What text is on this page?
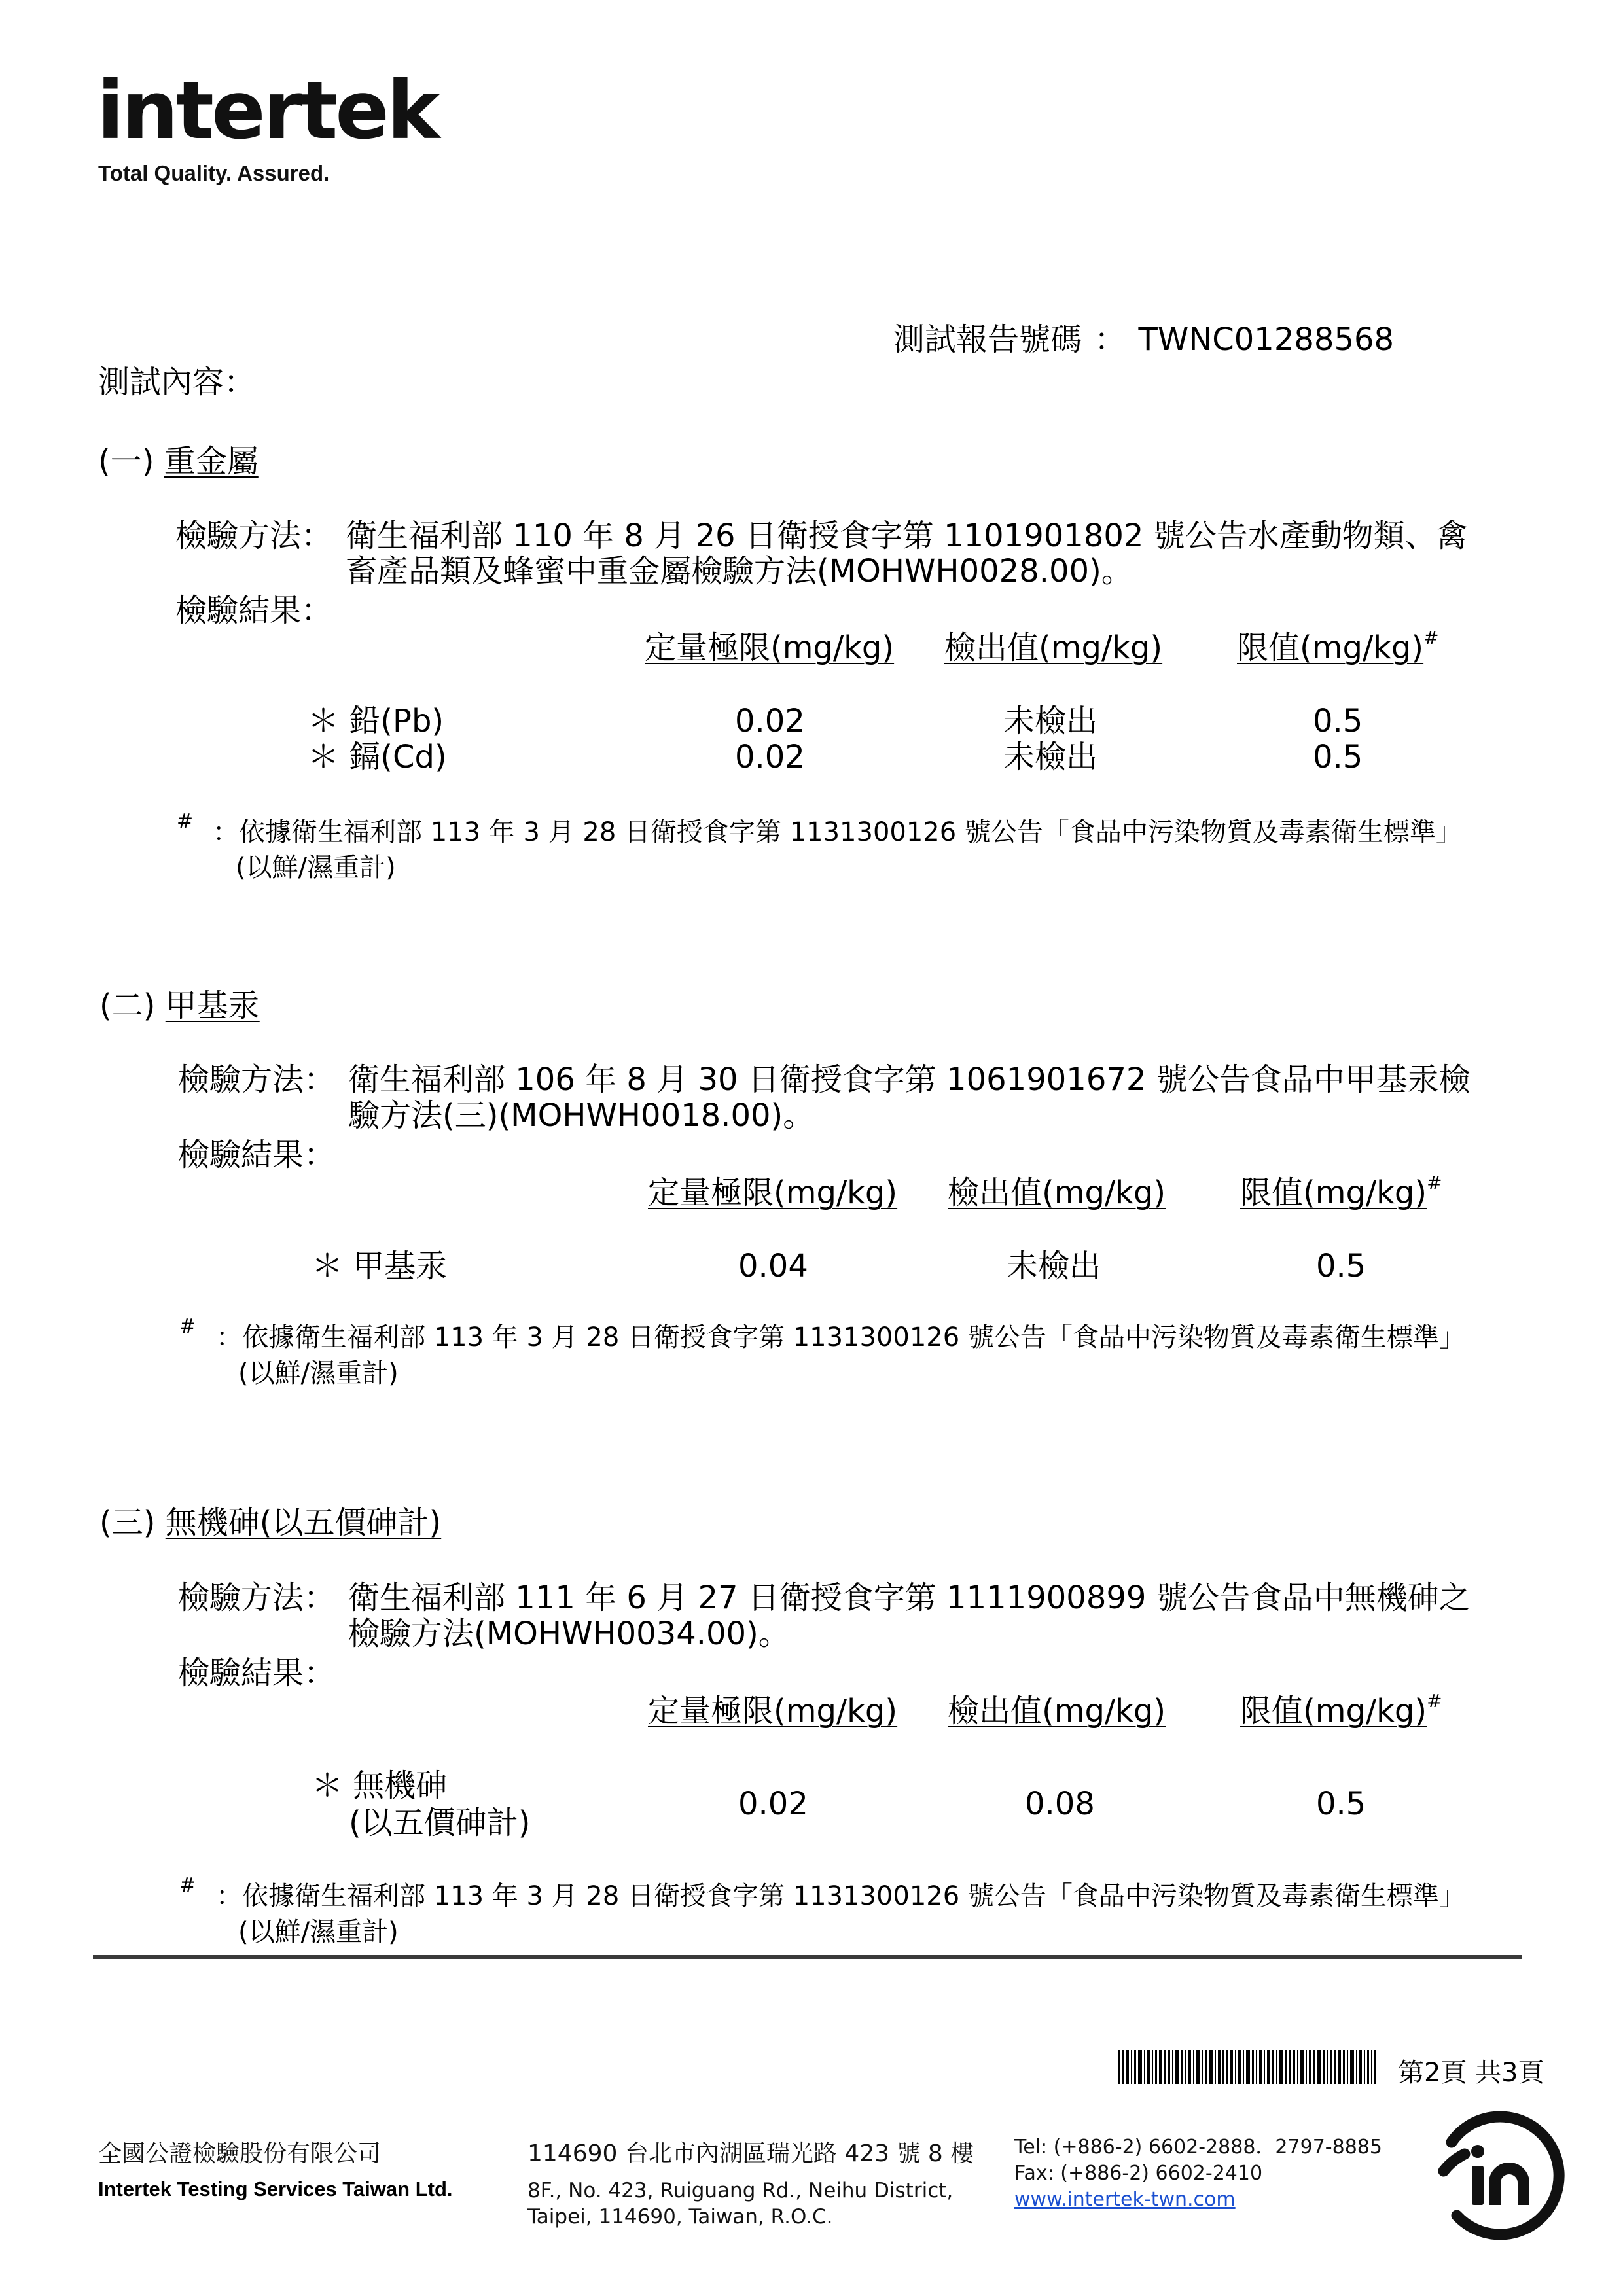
intertek
Total Quality. Assured.
測試報告號碼 ： TWNC01288568
測試內容：
(一) 重金屬
檢驗方法： 衛生福利部 110 年 8 月 26 日衛授食字第 1101901802 號公告水產動物類、禽
畜產品類及蜂蜜中重金屬檢驗方法(MOHWH0028.00)。
檢驗結果：
定量極限(mg/kg) 檢出值(mg/kg) 限值(mg/kg)#
＊ 鉛(Pb)	0.02	未檢出	0.5
＊ 鎘(Cd)	0.02	未檢出	0.5
# ：依據衛生福利部 113 年 3 月 28 日衛授食字第 1131300126 號公告「食品中污染物質及毒素衛生標準」
(以鮮/濕重計)
(二) 甲基汞
檢驗方法： 衛生福利部 106 年 8 月 30 日衛授食字第 1061901672 號公告食品中甲基汞檢
驗方法(三)(MOHWH0018.00)。
檢驗結果：
定量極限(mg/kg) 檢出值(mg/kg) 限值(mg/kg)#
＊ 甲基汞	0.04	未檢出	0.5
# ：依據衛生福利部 113 年 3 月 28 日衛授食字第 1131300126 號公告「食品中污染物質及毒素衛生標準」
(以鮮/濕重計)
(三) 無機砷(以五價砷計)
檢驗方法： 衛生福利部 111 年 6 月 27 日衛授食字第 1111900899 號公告食品中無機砷之
檢驗方法(MOHWH0034.00)。
檢驗結果：
定量極限(mg/kg) 檢出值(mg/kg) 限值(mg/kg)#
＊ 無機砷
(以五價砷計)
0.02	0.08	0.5
# ：依據衛生福利部 113 年 3 月 28 日衛授食字第 1131300126 號公告「食品中污染物質及毒素衛生標準」
(以鮮/濕重計)
第2頁 共3頁
全國公證檢驗股份有限公司
Intertek Testing Services Taiwan Ltd.
114690 台北市內湖區瑞光路 423 號 8 樓
8F., No. 423, Ruiguang Rd., Neihu District,
Taipei, 114690, Taiwan, R.O.C.
Tel: (+886-2) 6602-2888．2797-8885
Fax: (+886-2) 6602-2410
www.intertek-twn.com
